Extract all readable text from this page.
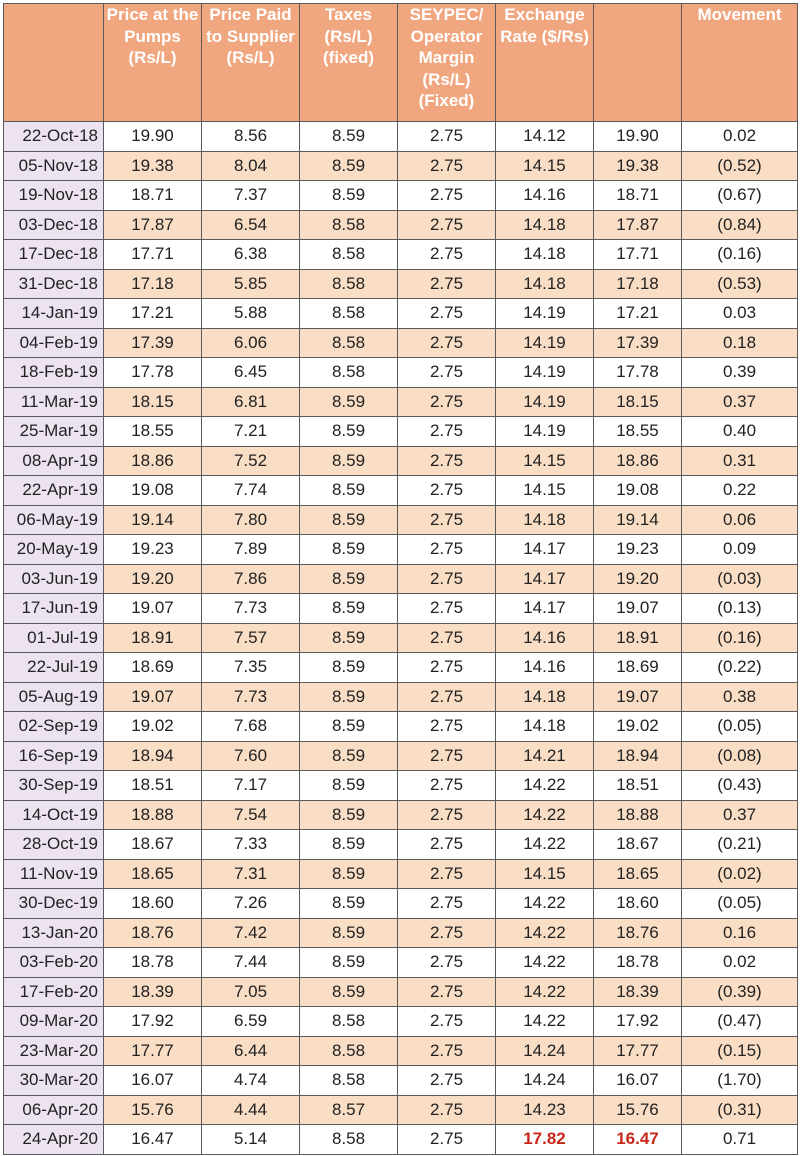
	Price at the Pumps (Rs/L)	Price Paid to Supplier (Rs/L)	Taxes (Rs/L) (fixed)	SEYPEC/ Operator Margin (Rs/L) (Fixed)	Exchange Rate ($/Rs)		Movement
22-Oct-18	19.90	8.56	8.59	2.75	14.12	19.90	0.02
05-Nov-18	19.38	8.04	8.59	2.75	14.15	19.38	(0.52)
19-Nov-18	18.71	7.37	8.59	2.75	14.16	18.71	(0.67)
03-Dec-18	17.87	6.54	8.58	2.75	14.18	17.87	(0.84)
17-Dec-18	17.71	6.38	8.58	2.75	14.18	17.71	(0.16)
31-Dec-18	17.18	5.85	8.58	2.75	14.18	17.18	(0.53)
14-Jan-19	17.21	5.88	8.58	2.75	14.19	17.21	0.03
04-Feb-19	17.39	6.06	8.58	2.75	14.19	17.39	0.18
18-Feb-19	17.78	6.45	8.58	2.75	14.19	17.78	0.39
11-Mar-19	18.15	6.81	8.59	2.75	14.19	18.15	0.37
25-Mar-19	18.55	7.21	8.59	2.75	14.19	18.55	0.40
08-Apr-19	18.86	7.52	8.59	2.75	14.15	18.86	0.31
22-Apr-19	19.08	7.74	8.59	2.75	14.15	19.08	0.22
06-May-19	19.14	7.80	8.59	2.75	14.18	19.14	0.06
20-May-19	19.23	7.89	8.59	2.75	14.17	19.23	0.09
03-Jun-19	19.20	7.86	8.59	2.75	14.17	19.20	(0.03)
17-Jun-19	19.07	7.73	8.59	2.75	14.17	19.07	(0.13)
01-Jul-19	18.91	7.57	8.59	2.75	14.16	18.91	(0.16)
22-Jul-19	18.69	7.35	8.59	2.75	14.16	18.69	(0.22)
05-Aug-19	19.07	7.73	8.59	2.75	14.18	19.07	0.38
02-Sep-19	19.02	7.68	8.59	2.75	14.18	19.02	(0.05)
16-Sep-19	18.94	7.60	8.59	2.75	14.21	18.94	(0.08)
30-Sep-19	18.51	7.17	8.59	2.75	14.22	18.51	(0.43)
14-Oct-19	18.88	7.54	8.59	2.75	14.22	18.88	0.37
28-Oct-19	18.67	7.33	8.59	2.75	14.22	18.67	(0.21)
11-Nov-19	18.65	7.31	8.59	2.75	14.15	18.65	(0.02)
30-Dec-19	18.60	7.26	8.59	2.75	14.22	18.60	(0.05)
13-Jan-20	18.76	7.42	8.59	2.75	14.22	18.76	0.16
03-Feb-20	18.78	7.44	8.59	2.75	14.22	18.78	0.02
17-Feb-20	18.39	7.05	8.59	2.75	14.22	18.39	(0.39)
09-Mar-20	17.92	6.59	8.58	2.75	14.22	17.92	(0.47)
23-Mar-20	17.77	6.44	8.58	2.75	14.24	17.77	(0.15)
30-Mar-20	16.07	4.74	8.58	2.75	14.24	16.07	(1.70)
06-Apr-20	15.76	4.44	8.57	2.75	14.23	15.76	(0.31)
24-Apr-20	16.47	5.14	8.58	2.75	17.82	16.47	0.71
